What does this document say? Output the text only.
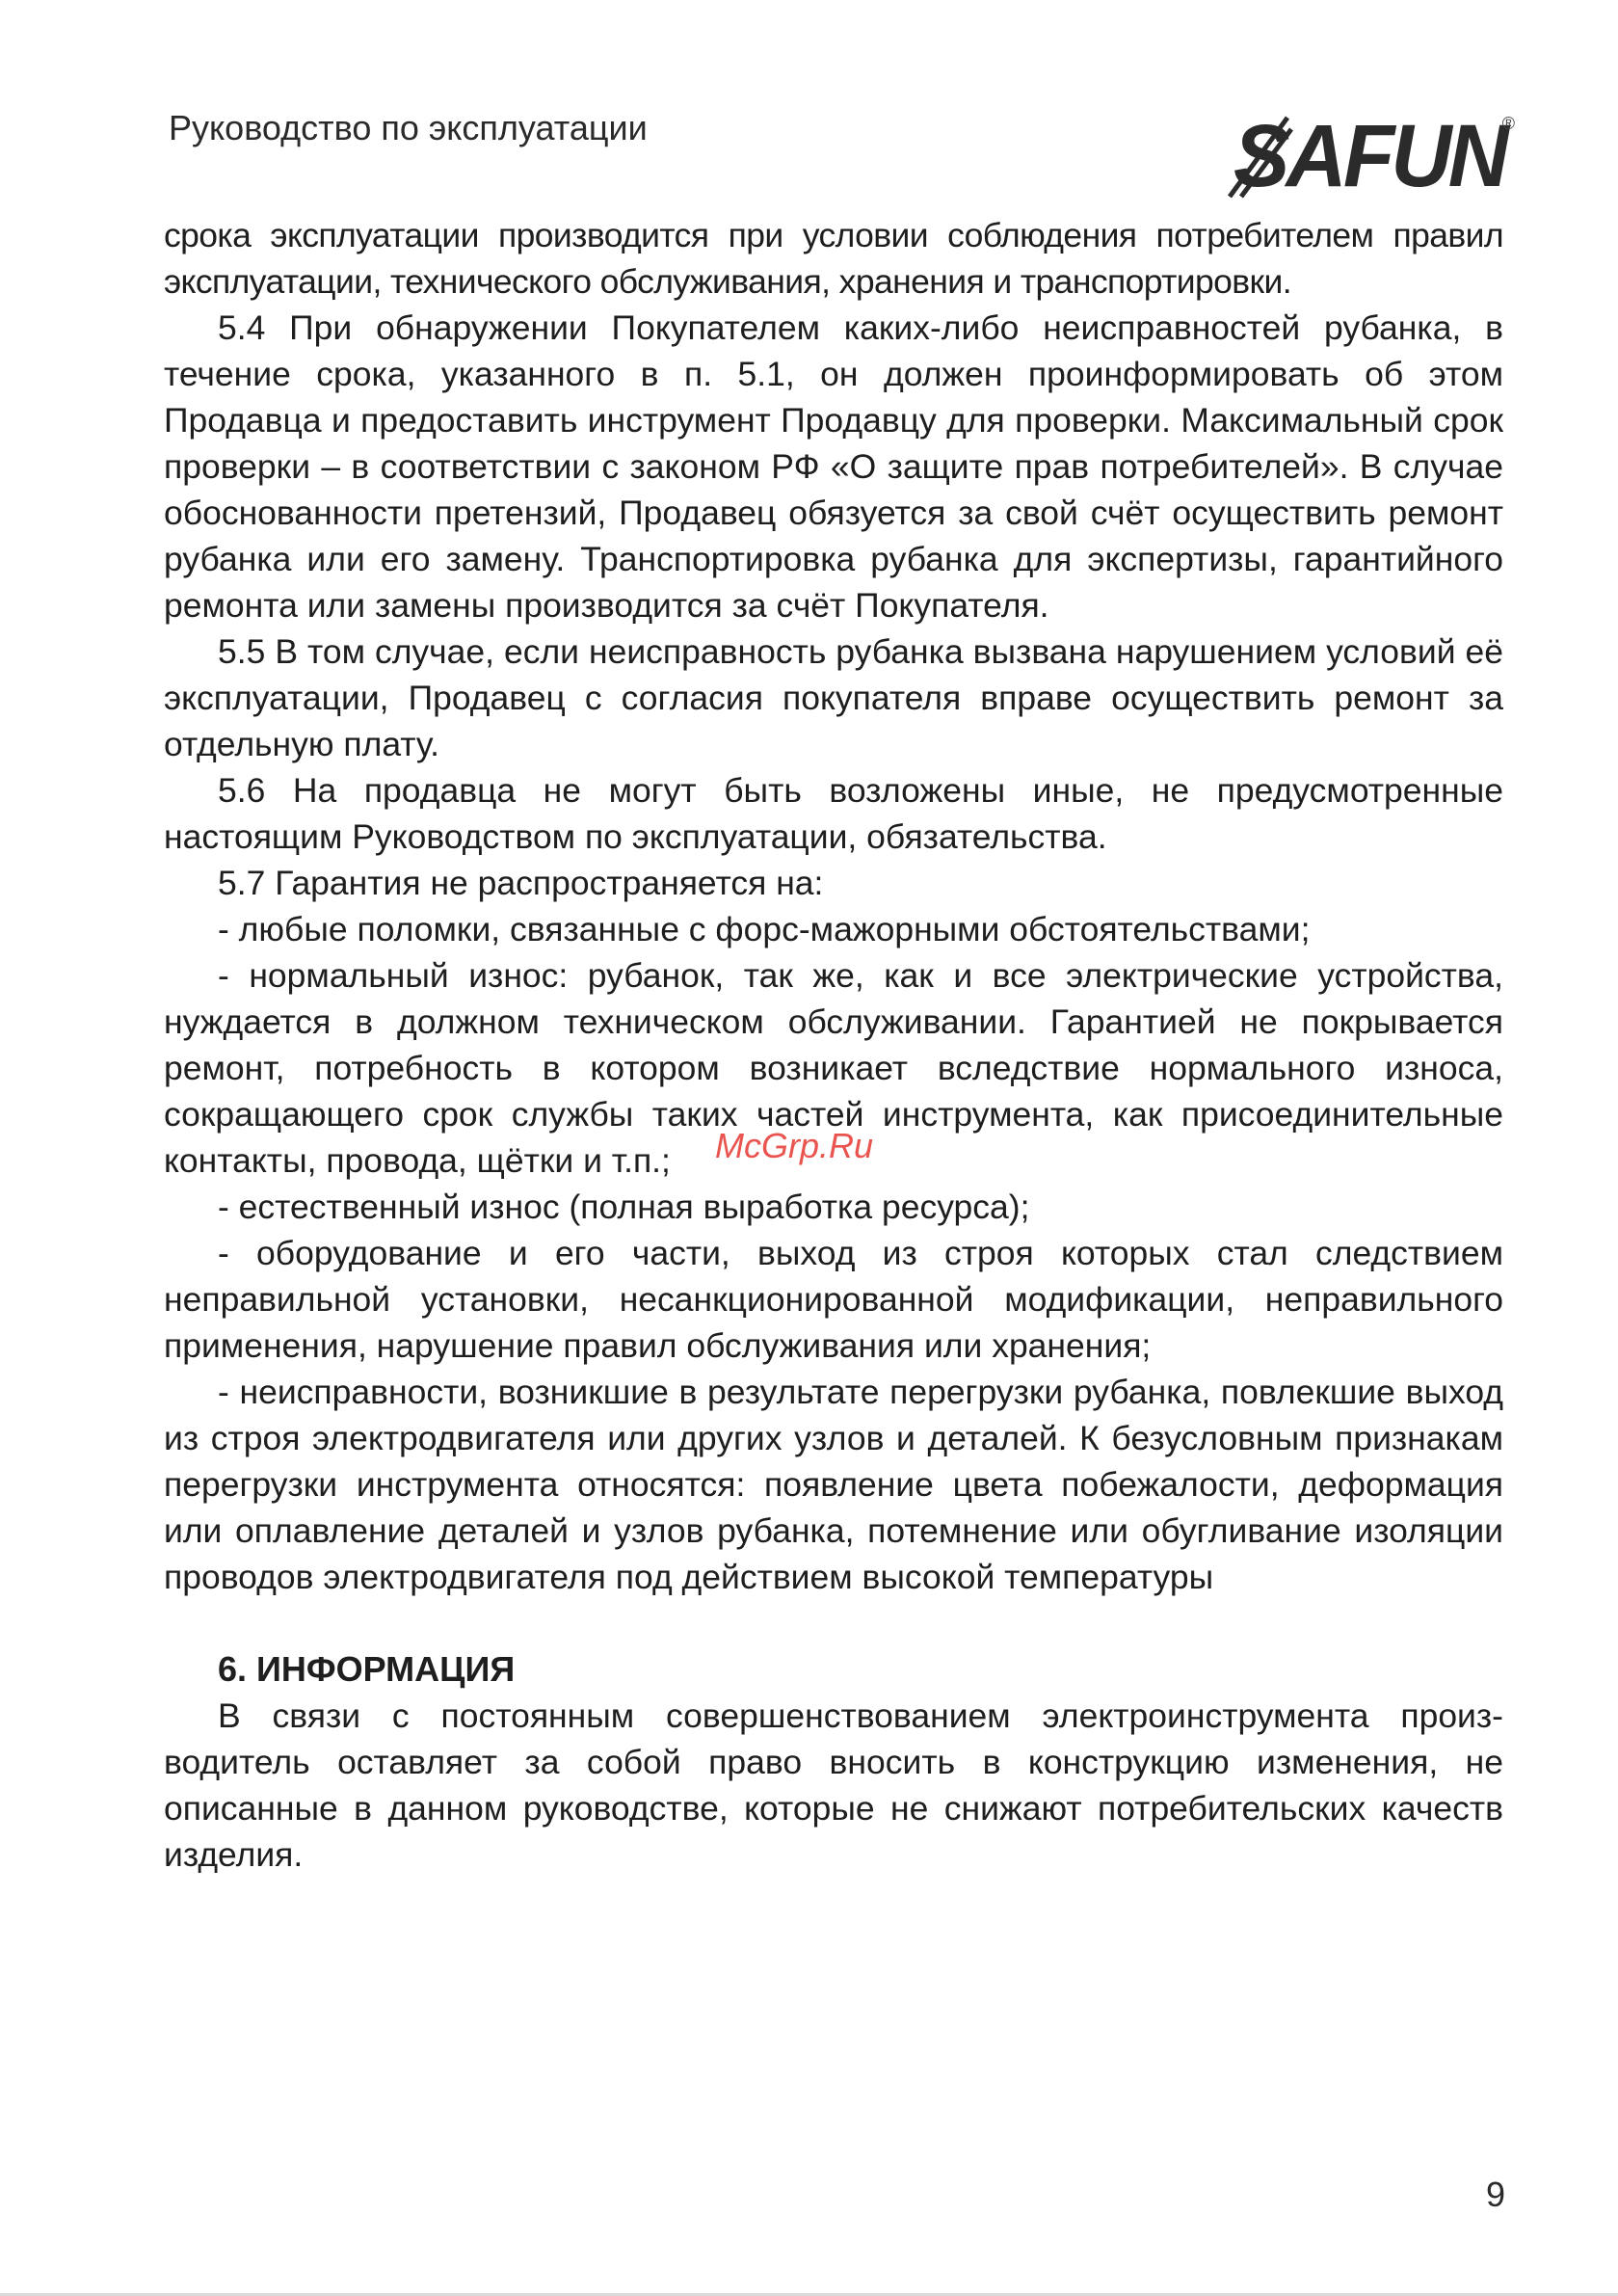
Руководство по эксплуатации	SAFUN
®

срока эксплуатации производится при условии соблюдения потребителем правил эксплуатации, технического обслуживания, хранения и транспортировки.

5.4 При обнаружении Покупателем каких-либо неисправностей рубанка, в течение срока, указанного в п. 5.1, он должен проинформировать об этом Продавца и предоставить инструмент Продавцу для проверки. Максимальный срок проверки – в соответствии с законом РФ «О защите прав потребителей». В случае обоснованности претензий, Продавец обязуется за свой счёт осуществить ремонт рубанка или его замену. Транспортировка рубанка для экспертизы, гарантийного ремонта или замены производится за счёт Покупателя.

5.5 В том случае, если неисправность рубанка вызвана нарушением условий её эксплуатации, Продавец с согласия покупателя вправе осуществить ремонт за отдельную плату.

5.6 На продавца не могут быть возложены иные, не предусмотренные настоящим Руководством по эксплуатации, обязательства.

5.7 Гарантия не распространяется на:

- любые поломки, связанные с форс-мажорными обстоятельствами;

- нормальный износ: рубанок, так же, как и все электрические устройства, нуждается в должном техническом обслуживании. Гарантией не покрывается ремонт, потребность в котором возникает вследствие нормального износа, сокращающего срок службы таких частей инструмента, как присоединительные контакты, провода, щётки и т.п.;

- естественный износ (полная выработка ресурса);

- оборудование и его части, выход из строя которых стал следствием неправильной установки, несанкционированной модификации, неправильного применения, нарушение правил обслуживания или хранения;

- неисправности, возникшие в результате перегрузки рубанка, повлекшие выход из строя электродвигателя или других узлов и деталей. К безусловным признакам перегрузки инструмента относятся: появление цвета побежалости, деформация или оплавление деталей и узлов рубанка, потемнение или обугливание изоляции проводов электродвигателя под действием высокой температуры

6. ИНФОРМАЦИЯ

В связи с постоянным совершенствованием электроинструмента производитель оставляет за собой право вносить в конструкцию изменения, не описанные в данном руководстве, которые не снижают потребительских качеств изделия.

McGrp.Ru
9
